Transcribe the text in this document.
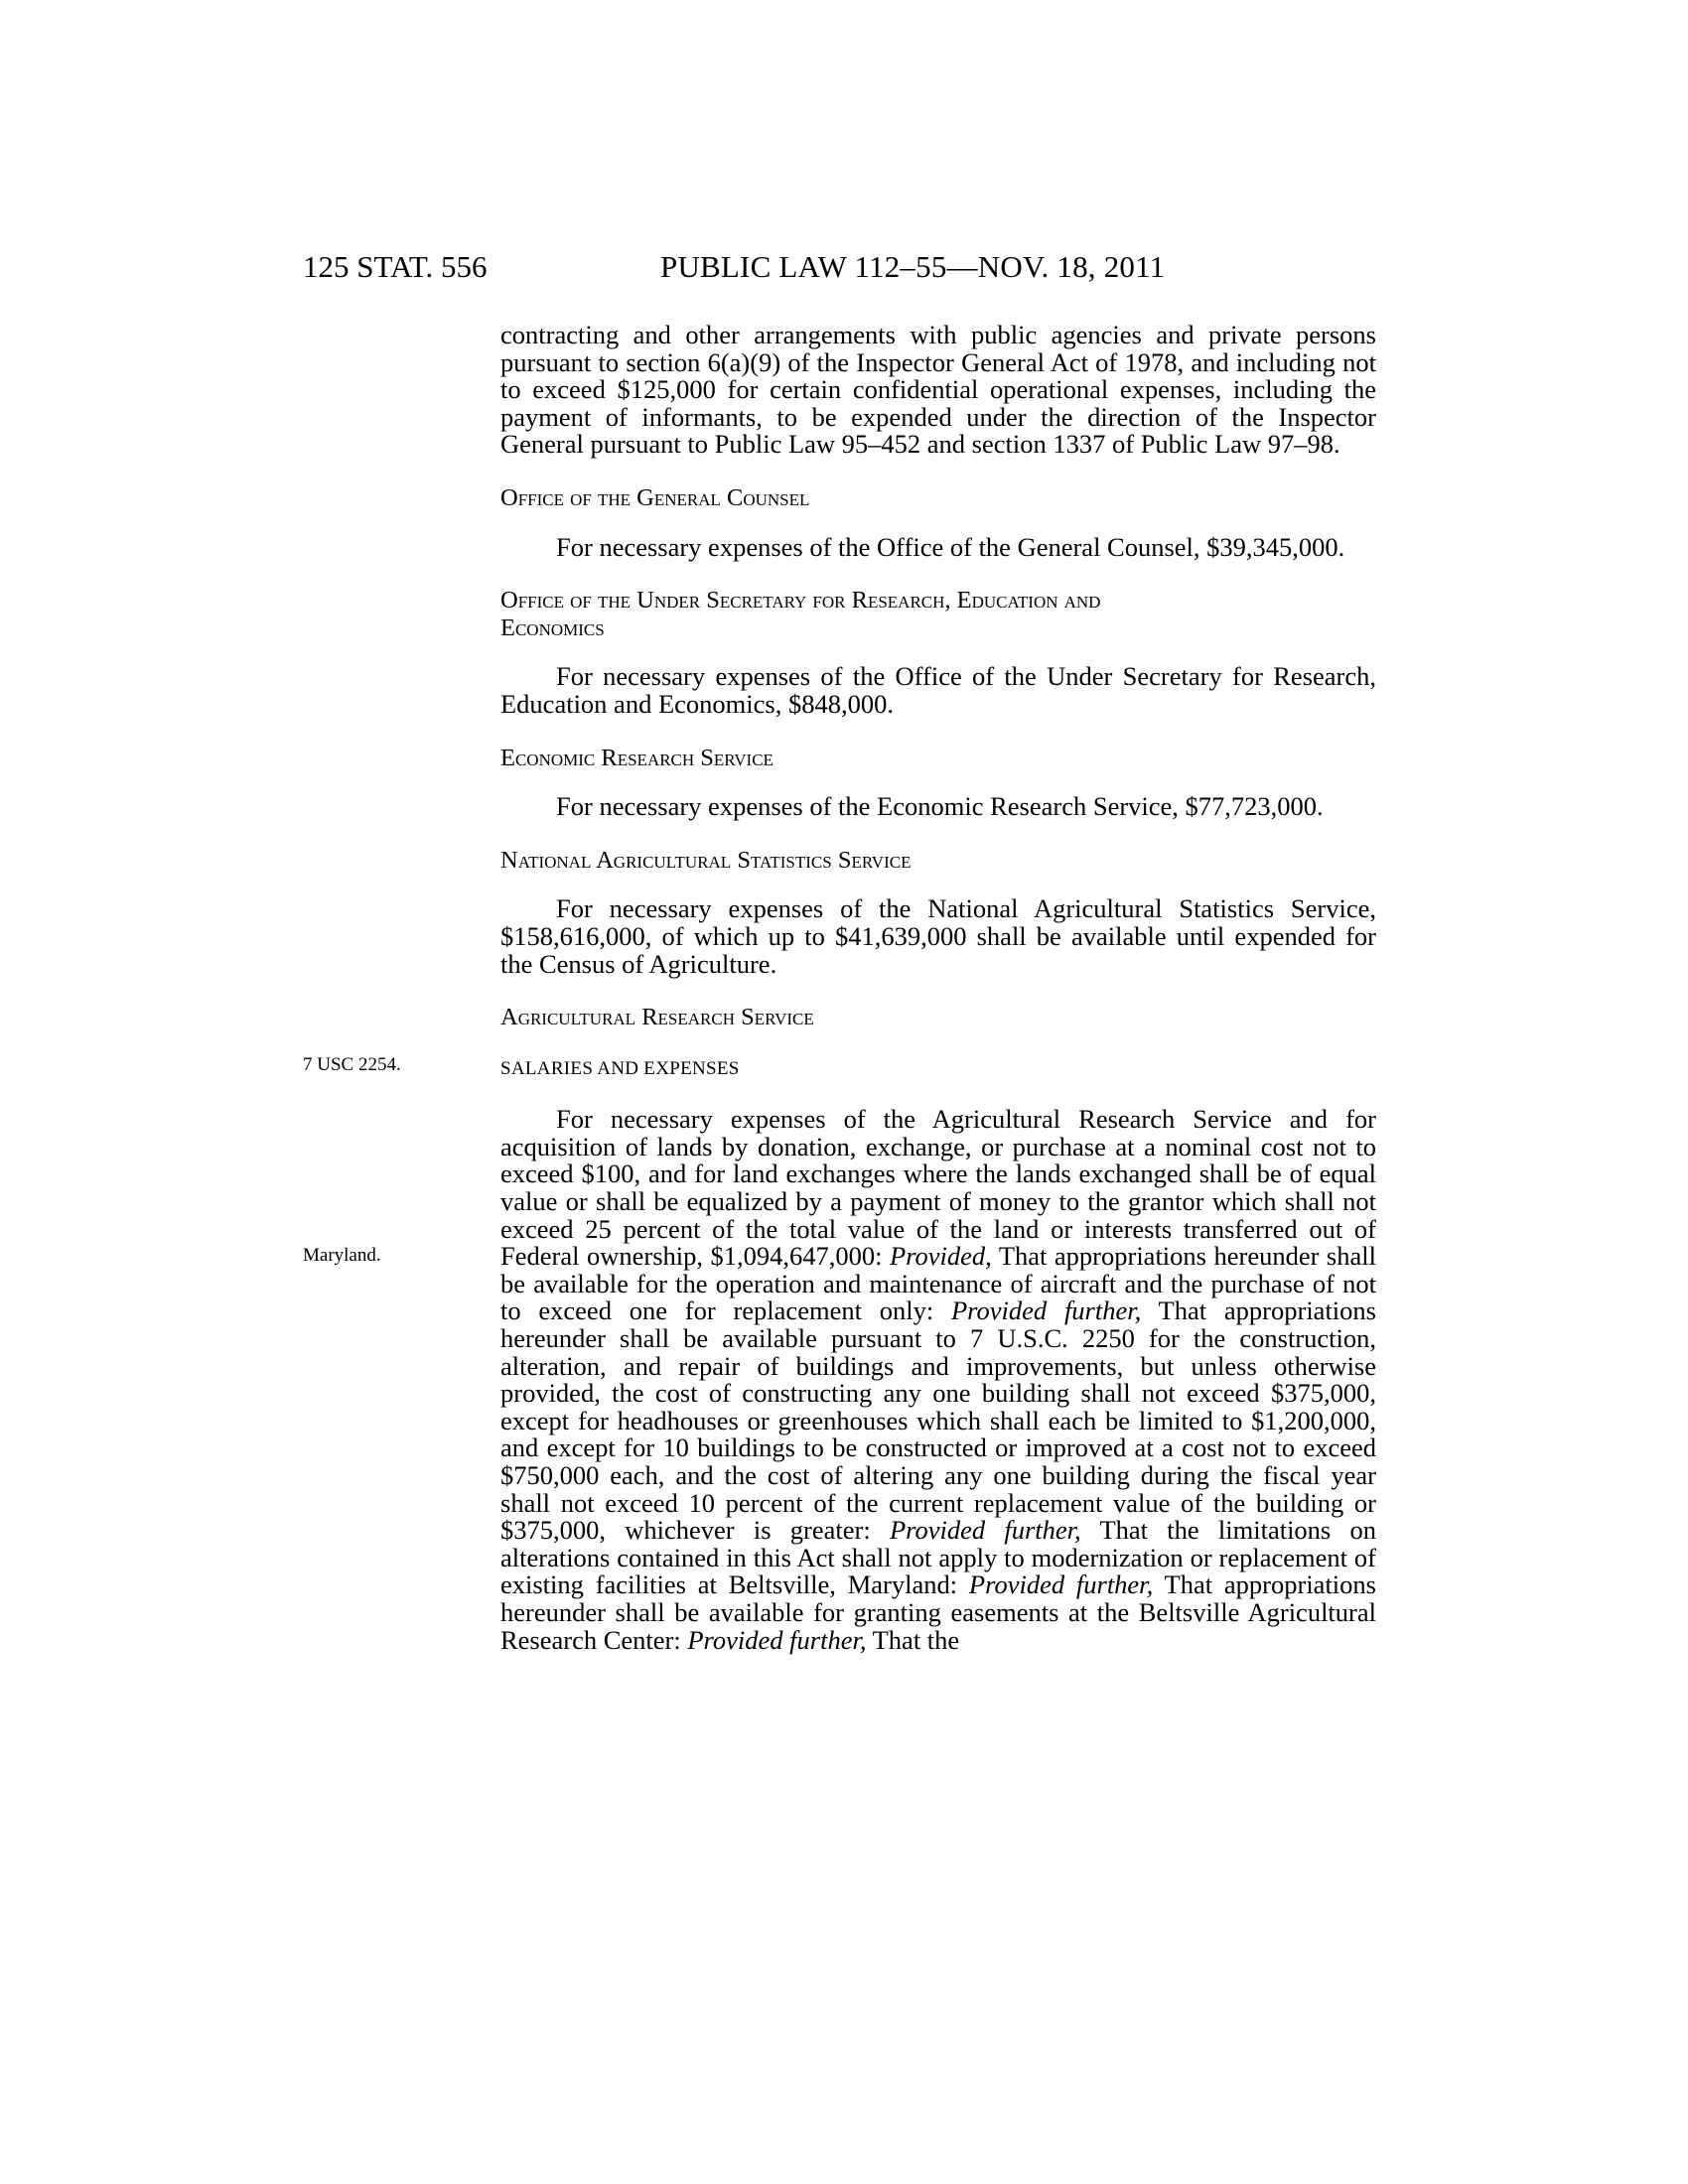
125 STAT. 556	PUBLIC LAW 112–55—NOV. 18, 2011
7 USC 2254.
Maryland.

contracting and other arrangements with public agencies and private persons pursuant to section 6(a)(9) of the Inspector General Act of 1978, and including not to exceed $125,000 for certain confidential operational expenses, including the payment of informants, to be expended under the direction of the Inspector General pursuant to Public Law 95–452 and section 1337 of Public Law 97–98.

Office of the General Counsel

For necessary expenses of the Office of the General Counsel, $39,345,000.

Office of the Under Secretary for Research, Education and
Economics

For necessary expenses of the Office of the Under Secretary for Research, Education and Economics, $848,000.

Economic Research Service

For necessary expenses of the Economic Research Service, $77,723,000.

National Agricultural Statistics Service

For necessary expenses of the National Agricultural Statistics Service, $158,616,000, of which up to $41,639,000 shall be available until expended for the Census of Agriculture.

Agricultural Research Service

SALARIES AND EXPENSES

For necessary expenses of the Agricultural Research Service and for acquisition of lands by donation, exchange, or purchase at a nominal cost not to exceed $100, and for land exchanges where the lands exchanged shall be of equal value or shall be equalized by a payment of money to the grantor which shall not exceed 25 percent of the total value of the land or interests transferred out of Federal ownership, $1,094,647,000: Provided, That appropriations hereunder shall be available for the operation and maintenance of aircraft and the purchase of not to exceed one for replacement only: Provided further, That appropriations hereunder shall be available pursuant to 7 U.S.C. 2250 for the construction, alteration, and repair of buildings and improvements, but unless otherwise provided, the cost of constructing any one building shall not exceed $375,000, except for headhouses or greenhouses which shall each be limited to $1,200,000, and except for 10 buildings to be constructed or improved at a cost not to exceed $750,000 each, and the cost of altering any one building during the fiscal year shall not exceed 10 percent of the current replacement value of the building or $375,000, whichever is greater: Provided further, That the limitations on alterations contained in this Act shall not apply to modernization or replacement of existing facilities at Beltsville, Maryland: Provided further, That appropriations hereunder shall be available for granting easements at the Beltsville Agricultural Research Center: Provided further, That the
